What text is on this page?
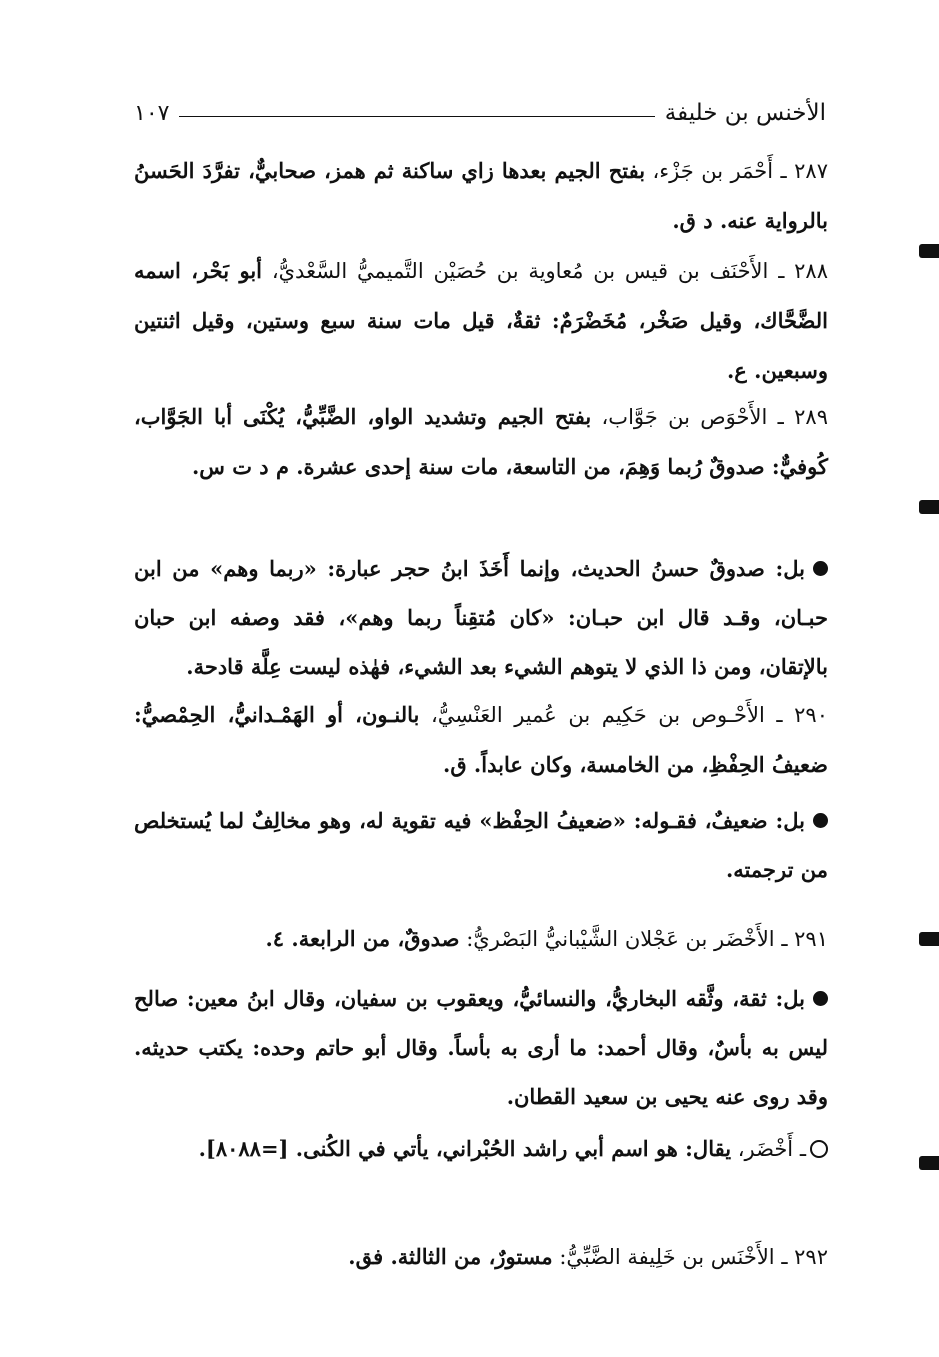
الأخنس بن خليفة
١٠٧
٢٨٧ ـ أَحْمَر بن جَزْء، بفتح الجيم بعدها زاي ساكنة ثم همز، صحابيٌّ، تفرَّدَ الحَسنُ بالرواية عنه. د ق.
٢٨٨ ـ الأَحْنَف بن قيس بن مُعاوية بن حُصَيْن التَّميميُّ السَّعْديُّ، أبو بَحْر، اسمه الضَّحَّاك، وقيل صَخْر، مُخَضْرَمٌ: ثقةٌ، قيل مات سنة سبع وستين، وقيل اثنتين وسبعين. ع.
٢٨٩ ـ الأَحْوَص بن جَوَّاب، بفتح الجيم وتشديد الواو، الضَّبِّيُّ، يُكْنَى أبا الجَوَّاب، كُوفيٌّ: صدوقٌ رُبما وَهِمَ، من التاسعة، مات سنة إحدى عشرة. م د ت س.
بل: صدوقٌ حسنُ الحديث، وإنما أَخَذَ ابنُ حجر عبارة: «ربما وهم» من ابن حبـان، وقـد قال ابن حبـان: «كان مُتقِناً ربما وهم»، فقد وصفه ابن حبان بالإتقان، ومن ذا الذي لا يتوهم الشيء بعد الشيء، فهٰذه ليست عِلَّة قادحة.
٢٩٠ ـ الأَحْـوص بن حَكِيم بن عُمير العَنْسِيُّ، بالنـون، أو الهَمْـدانيُّ، الحِمْصيُّ: ضعيفُ الحِفْظِ، من الخامسة، وكان عابداً. ق.
بل: ضعيفٌ، فقـوله: «ضعيفُ الحِفْظ» فيه تقوية له، وهو مخالِفٌ لما يُستخلص من ترجمته.
٢٩١ ـ الأَخْضَر بن عَجْلان الشَّيْبانيُّ البَصْريُّ: صدوقٌ، من الرابعة. ٤.
بل: ثقة، وثَّقه البخاريُّ، والنسائيُّ، ويعقوب بن سفيان، وقال ابنُ معين: صالح ليس به بأسٌ، وقال أحمد: ما أرى به بأساً. وقال أبو حاتم وحده: يكتب حديثه. وقد روى عنه يحيى بن سعيد القطان.
ـ أَخْضَر، يقال: هو اسم أبي راشد الحُبْراني، يأتي في الكُنى. [=٨٠٨٨].
٢٩٢ ـ الأَخْنَس بن خَلِيفة الضَّبِّيُّ: مستورٌ، من الثالثة. فق.
